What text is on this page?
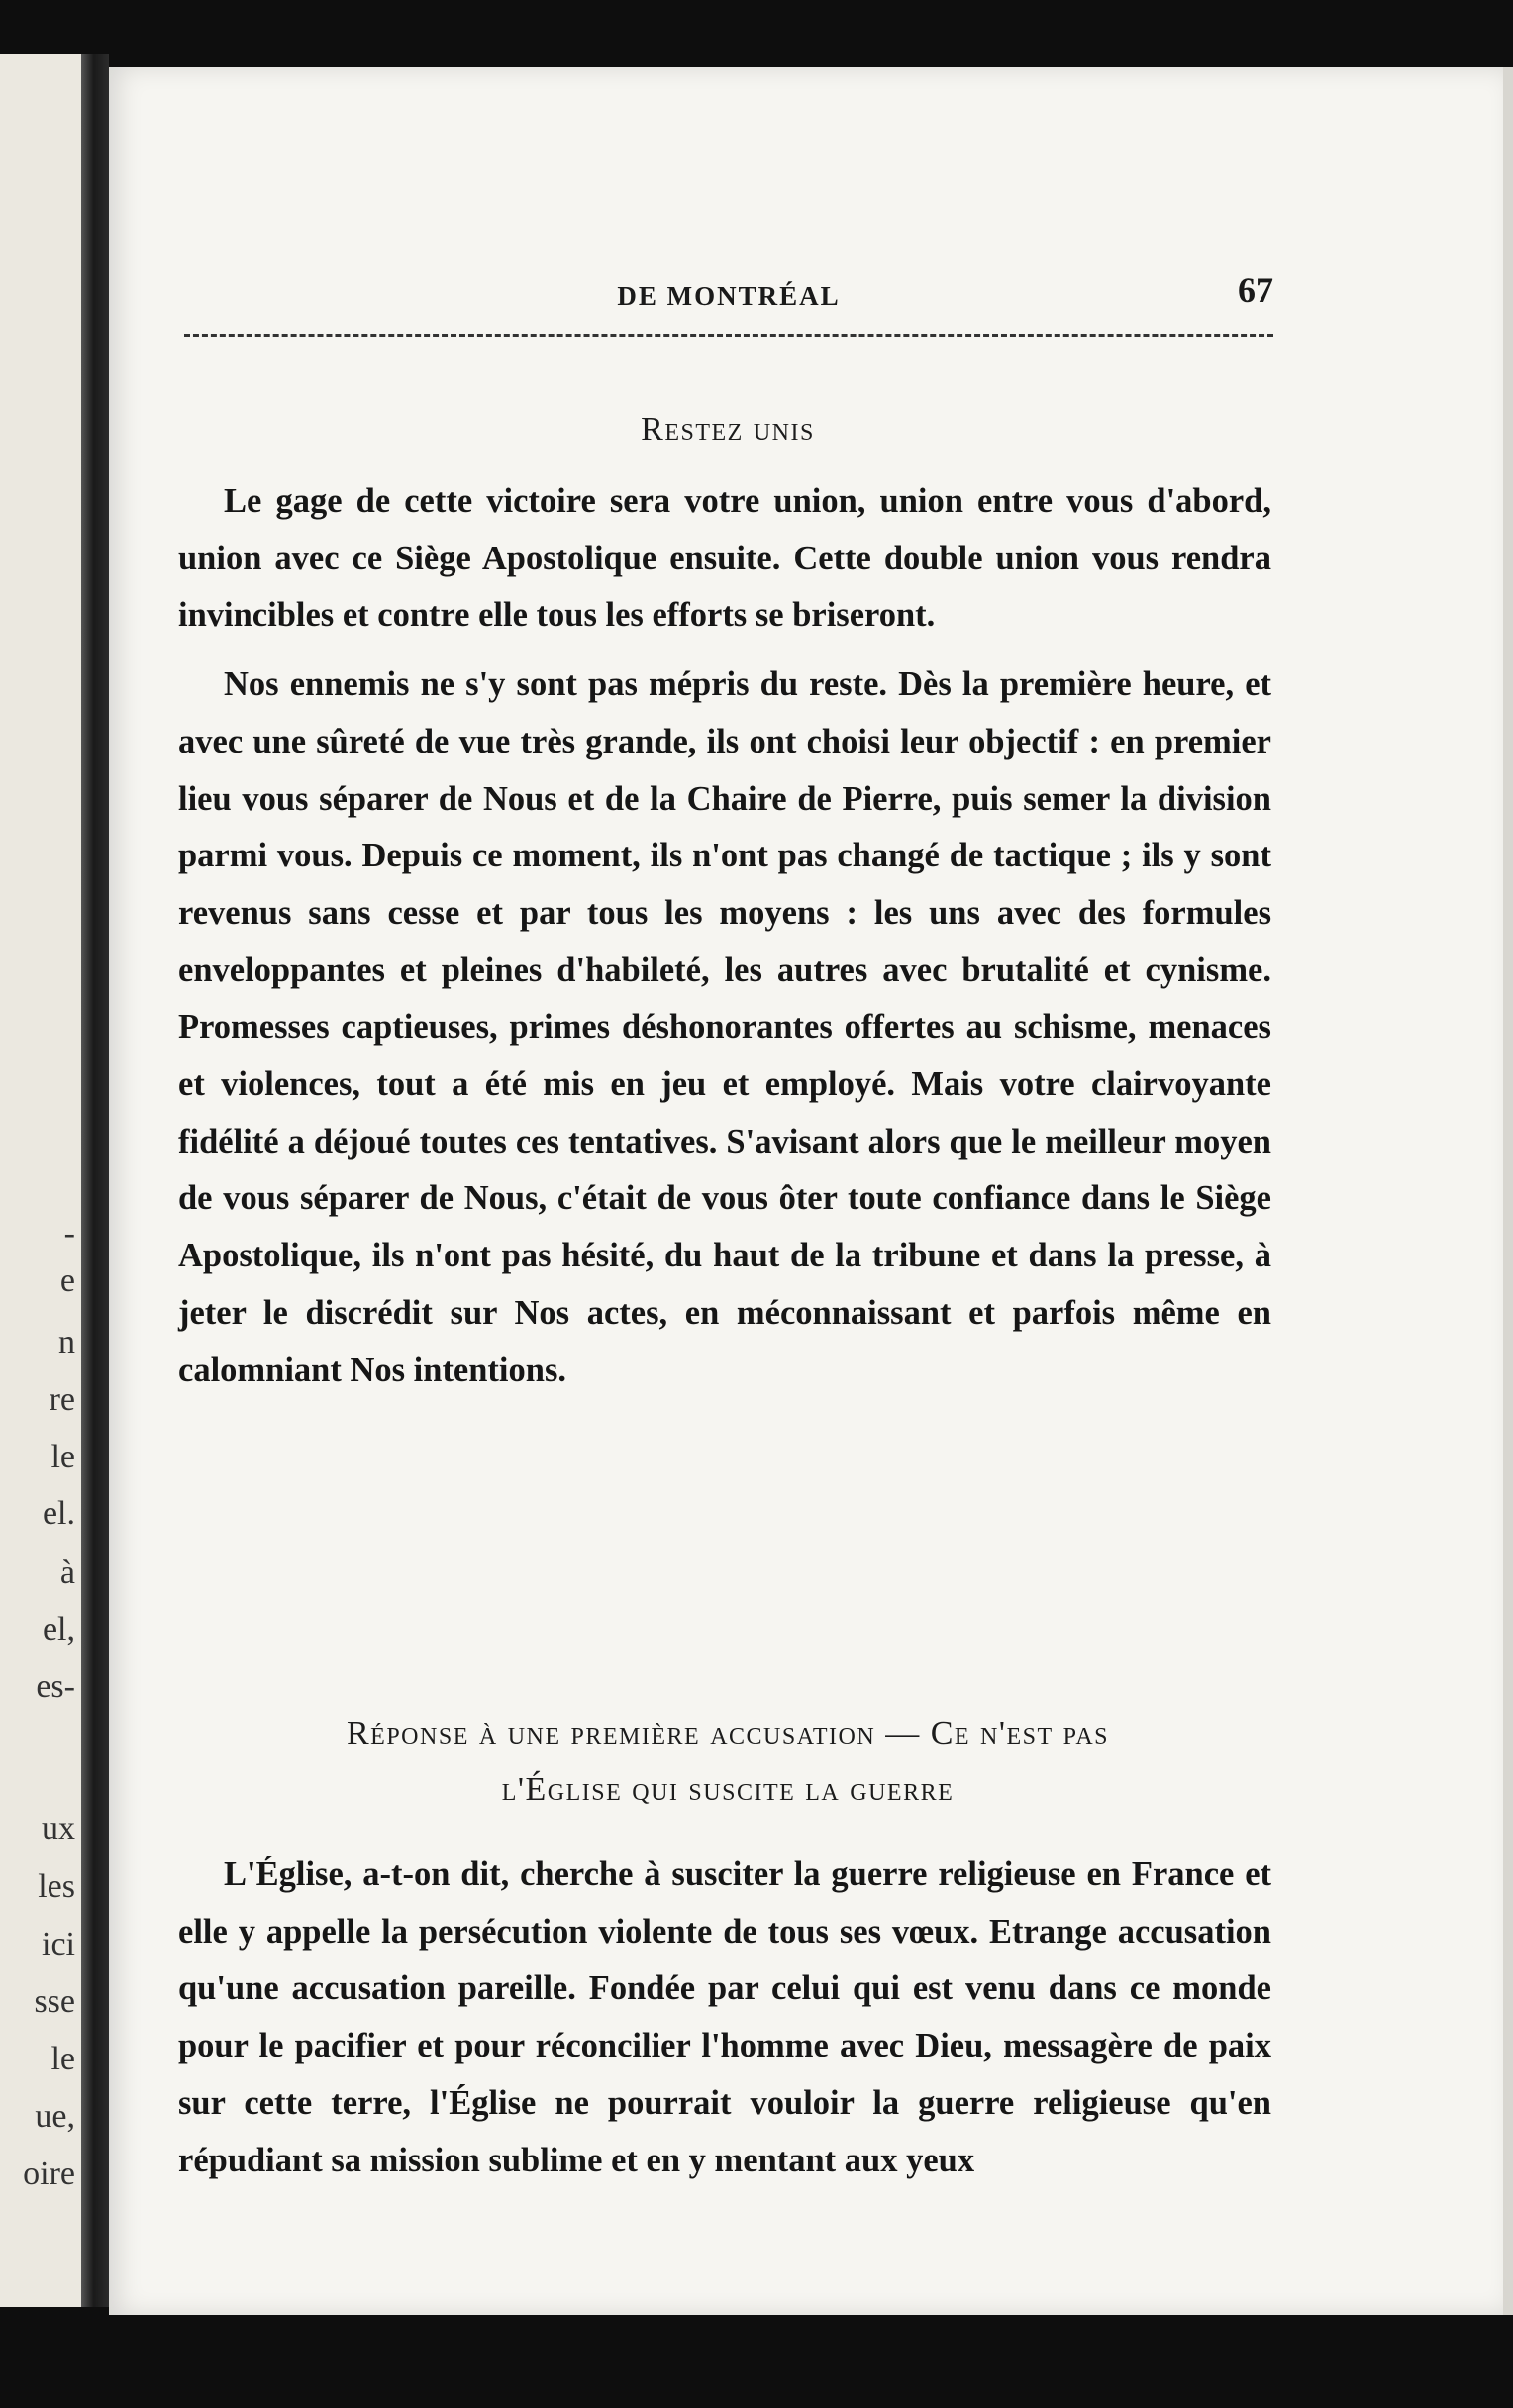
-
e
n
re
le
el.
à
el,
es-
ux
les
ici
sse
le
ue,
oire
DE MONTRÉAL	67
Restez unis

Le gage de cette victoire sera votre union, union entre vous d'abord, union avec ce Siège Apostolique ensuite. Cette double union vous rendra invincibles et contre elle tous les efforts se briseront.

Nos ennemis ne s'y sont pas mépris du reste. Dès la première heure, et avec une sûreté de vue très grande, ils ont choisi leur objectif : en premier lieu vous séparer de Nous et de la Chaire de Pierre, puis semer la division parmi vous. Depuis ce moment, ils n'ont pas changé de tactique ; ils y sont revenus sans cesse et par tous les moyens : les uns avec des formules enveloppantes et pleines d'habileté, les autres avec brutalité et cynisme. Promesses captieuses, primes déshonorantes offertes au schisme, menaces et violences, tout a été mis en jeu et employé. Mais votre clairvoyante fidélité a déjoué toutes ces tentatives. S'avisant alors que le meilleur moyen de vous séparer de Nous, c'était de vous ôter toute confiance dans le Siège Apostolique, ils n'ont pas hésité, du haut de la tribune et dans la presse, à jeter le discrédit sur Nos actes, en méconnaissant et parfois même en calomniant Nos intentions.

Réponse à une première accusation — Ce n'est pas
l'Église qui suscite la guerre

L'Église, a-t-on dit, cherche à susciter la guerre religieuse en France et elle y appelle la persécution violente de tous ses vœux. Etrange accusation qu'une accusation pareille. Fondée par celui qui est venu dans ce monde pour le pacifier et pour réconcilier l'homme avec Dieu, messagère de paix sur cette terre, l'Église ne pourrait vouloir la guerre religieuse qu'en répudiant sa mission sublime et en y mentant aux yeux
